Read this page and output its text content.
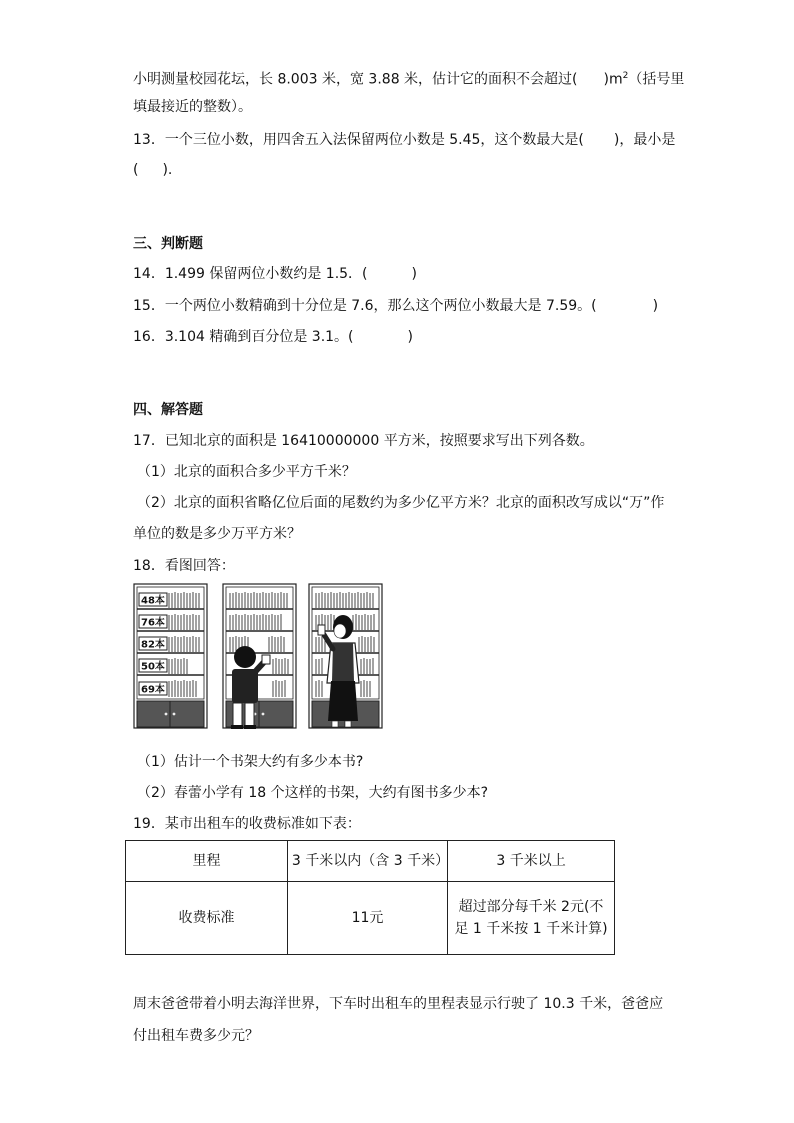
小明测量校园花坛，长 8.003 米，宽 3.88 米，估计它的面积不会超过( )$m^2$（括号里
填最接近的整数）。
13．一个三位小数，用四舍五入法保留两位小数是 5.45，这个数最大是( )，最小是
( ).
三、判断题
14．1.499 保留两位小数约是 1.5．(	)
15．一个两位小数精确到十分位是 7.6，那么这个两位小数最大是 7.59。(	)
16．3.104 精确到百分位是 3.1。(	)
四、解答题
17．已知北京的面积是 16410000000 平方米，按照要求写出下列各数。
（1）北京的面积合多少平方千米？
（2）北京的面积省略亿位后面的尾数约为多少亿平方米？北京的面积改写成以“万”作
单位的数是多少万平方米？
18．看图回答：
48本
76本
82本
50本
69本
（1）估计一个书架大约有多少本书?
（2）春蕾小学有 18 个这样的书架，大约有图书多少本?
19．某市出租车的收费标准如下表：
里程	3 千米以内（含 3 千米）	3 千米以上
收费标准	11元	超过部分每千米 2元(不
足 1 千米按 1 千米计算)
周末爸爸带着小明去海洋世界，下车时出租车的里程表显示行驶了 10.3 千米，爸爸应
付出租车费多少元？
